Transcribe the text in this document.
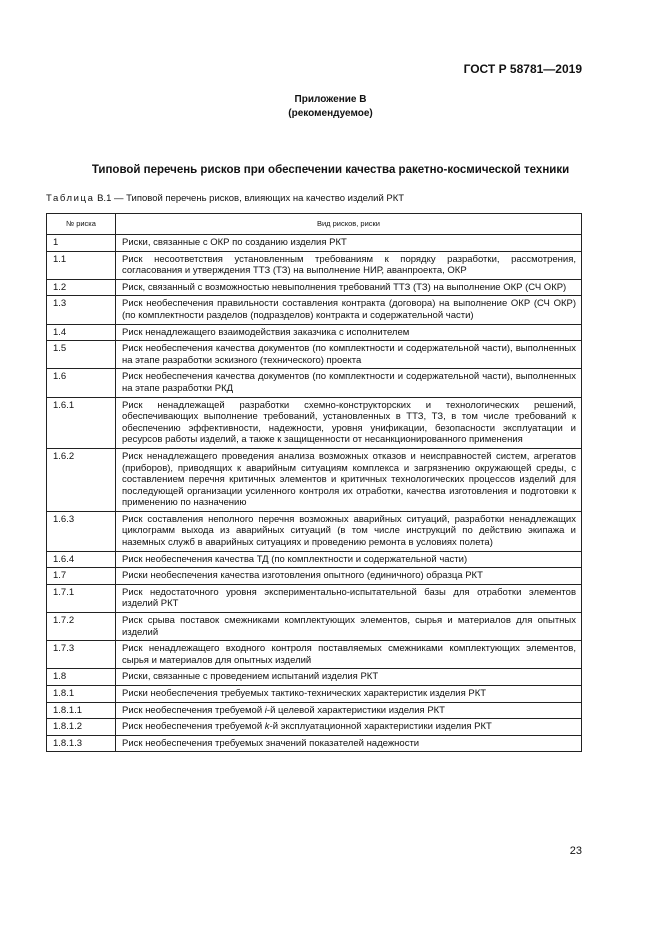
ГОСТ Р 58781—2019
Приложение В
(рекомендуемое)
Типовой перечень рисков при обеспечении качества ракетно-космической техники
Таблица В.1 — Типовой перечень рисков, влияющих на качество изделий РКТ
№ риска	Вид рисков, риски
1	Риски, связанные с ОКР по созданию изделия РКТ
1.1	Риск несоответствия установленным требованиям к порядку разработки, рассмотрения, согласования и утверждения ТТЗ (ТЗ) на выполнение НИР, аванпроекта, ОКР
1.2	Риск, связанный с возможностью невыполнения требований ТТЗ (ТЗ) на выполнение ОКР (СЧ ОКР)
1.3	Риск необеспечения правильности составления контракта (договора) на выполнение ОКР (СЧ ОКР) (по комплектности разделов (подразделов) контракта и содержательной части)
1.4	Риск ненадлежащего взаимодействия заказчика с исполнителем
1.5	Риск необеспечения качества документов (по комплектности и содержательной части), выполненных на этапе разработки эскизного (технического) проекта
1.6	Риск необеспечения качества документов (по комплектности и содержательной части), выполненных на этапе разработки РКД
1.6.1	Риск ненадлежащей разработки схемно-конструкторских и технологических решений, обеспечивающих выполнение требований, установленных в ТТЗ, ТЗ, в том числе требований к обеспечению эффективности, надежности, уровня унификации, безопасности эксплуатации и ресурсов работы изделий, а также к защищенности от несанкционированного применения
1.6.2	Риск ненадлежащего проведения анализа возможных отказов и неисправностей систем, агрегатов (приборов), приводящих к аварийным ситуациям комплекса и загрязнению окружающей среды, с составлением перечня критичных элементов и критичных технологических процессов изделий для последующей организации усиленного контроля их отработки, качества изготовления и подготовки к применению по назначению
1.6.3	Риск составления неполного перечня возможных аварийных ситуаций, разработки ненадлежащих циклограмм выхода из аварийных ситуаций (в том числе инструкций по действию экипажа и наземных служб в аварийных ситуациях и проведению ремонта в условиях полета)
1.6.4	Риск необеспечения качества ТД (по комплектности и содержательной части)
1.7	Риски необеспечения качества изготовления опытного (единичного) образца РКТ
1.7.1	Риск недостаточного уровня экспериментально-испытательной базы для отработки элементов изделий РКТ
1.7.2	Риск срыва поставок смежниками комплектующих элементов, сырья и материалов для опытных изделий
1.7.3	Риск ненадлежащего входного контроля поставляемых смежниками комплектующих элементов, сырья и материалов для опытных изделий
1.8	Риски, связанные с проведением испытаний изделия РКТ
1.8.1	Риски необеспечения требуемых тактико-технических характеристик изделия РКТ
1.8.1.1	Риск необеспечения требуемой i-й целевой характеристики изделия РКТ
1.8.1.2	Риск необеспечения требуемой k-й эксплуатационной характеристики изделия РКТ
1.8.1.3	Риск необеспечения требуемых значений показателей надежности
23
